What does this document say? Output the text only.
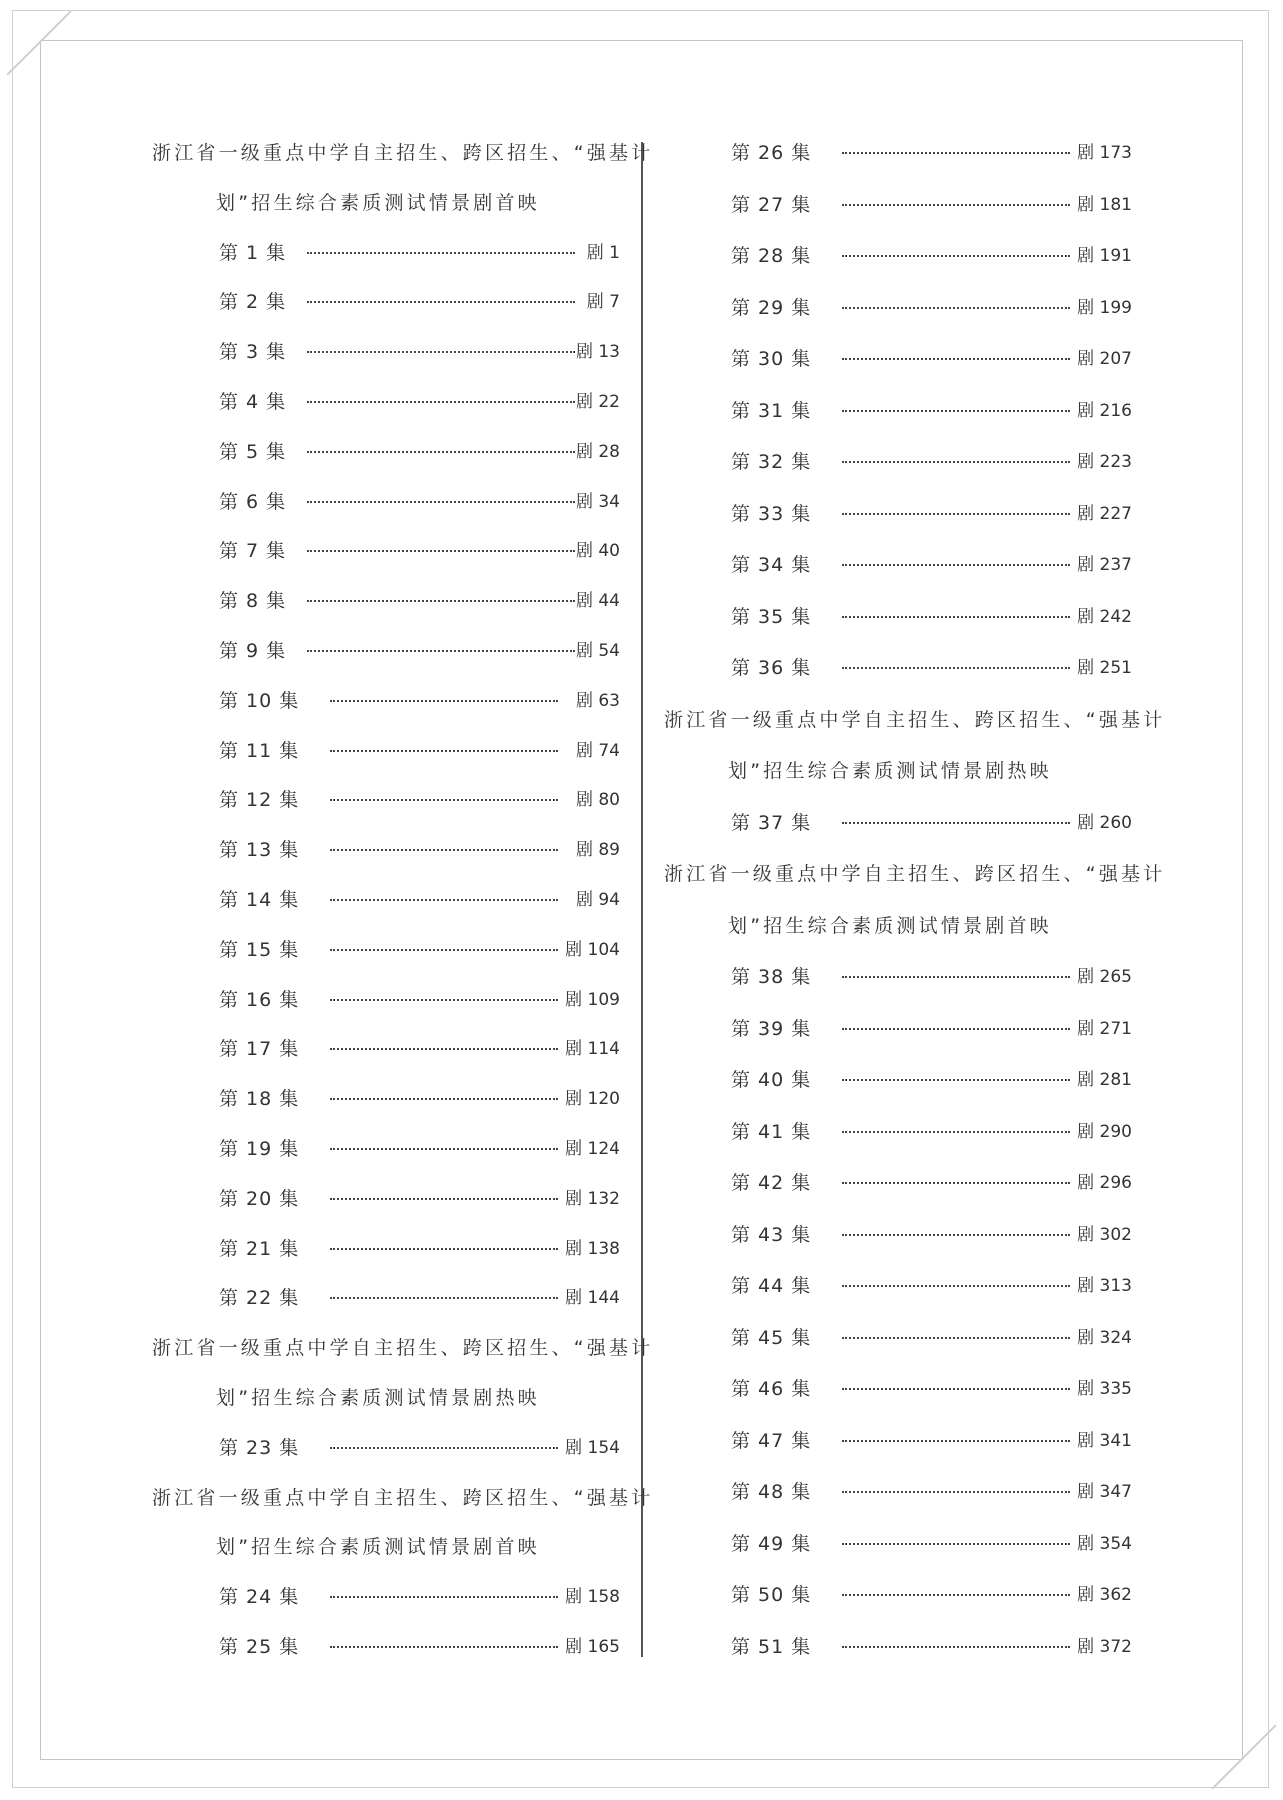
浙江省一级重点中学自主招生、跨区招生、“强基计
划”招生综合素质测试情景剧首映
第 1 集	剧 1
第 2 集	剧 7
第 3 集	剧 13
第 4 集	剧 22
第 5 集	剧 28
第 6 集	剧 34
第 7 集	剧 40
第 8 集	剧 44
第 9 集	剧 54
第 10 集	剧 63
第 11 集	剧 74
第 12 集	剧 80
第 13 集	剧 89
第 14 集	剧 94
第 15 集	剧 104
第 16 集	剧 109
第 17 集	剧 114
第 18 集	剧 120
第 19 集	剧 124
第 20 集	剧 132
第 21 集	剧 138
第 22 集	剧 144
浙江省一级重点中学自主招生、跨区招生、“强基计
划”招生综合素质测试情景剧热映
第 23 集	剧 154
浙江省一级重点中学自主招生、跨区招生、“强基计
划”招生综合素质测试情景剧首映
第 24 集	剧 158
第 25 集	剧 165
第 26 集	剧 173
第 27 集	剧 181
第 28 集	剧 191
第 29 集	剧 199
第 30 集	剧 207
第 31 集	剧 216
第 32 集	剧 223
第 33 集	剧 227
第 34 集	剧 237
第 35 集	剧 242
第 36 集	剧 251
浙江省一级重点中学自主招生、跨区招生、“强基计
划”招生综合素质测试情景剧热映
第 37 集	剧 260
浙江省一级重点中学自主招生、跨区招生、“强基计
划”招生综合素质测试情景剧首映
第 38 集	剧 265
第 39 集	剧 271
第 40 集	剧 281
第 41 集	剧 290
第 42 集	剧 296
第 43 集	剧 302
第 44 集	剧 313
第 45 集	剧 324
第 46 集	剧 335
第 47 集	剧 341
第 48 集	剧 347
第 49 集	剧 354
第 50 集	剧 362
第 51 集	剧 372
